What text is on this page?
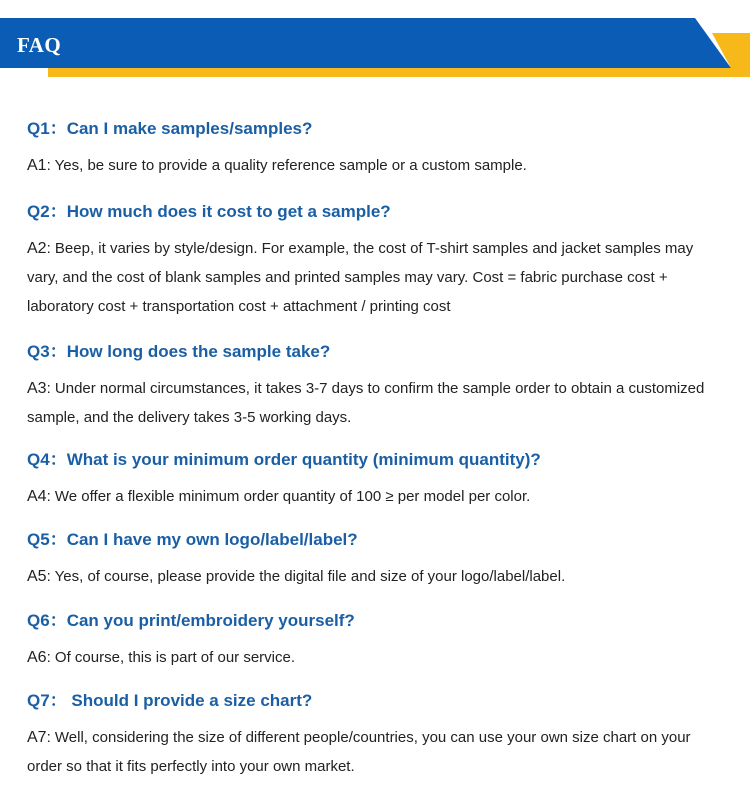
FAQ
Q1：Can I make samples/samples?
A1: Yes, be sure to provide a quality reference sample or a custom sample.
Q2：How much does it cost to get a sample?
A2: Beep, it varies by style/design. For example, the cost of T-shirt samples and jacket samples may vary, and the cost of blank samples and printed samples may vary. Cost = fabric purchase cost + laboratory cost + transportation cost + attachment / printing cost
Q3：How long does the sample take?
A3: Under normal circumstances, it takes 3-7 days to confirm the sample order to obtain a customized sample, and the delivery takes 3-5 working days.
Q4：What is your minimum order quantity (minimum quantity)?
A4: We offer a flexible minimum order quantity of 100 ≥ per model per color.
Q5：Can I have my own logo/label/label?
A5: Yes, of course, please provide the digital file and size of your logo/label/label.
Q6：Can you print/embroidery yourself?
A6: Of course, this is part of our service.
Q7： Should I provide a size chart?
A7: Well, considering the size of different people/countries, you can use your own size chart on your order so that it fits perfectly into your own market.
